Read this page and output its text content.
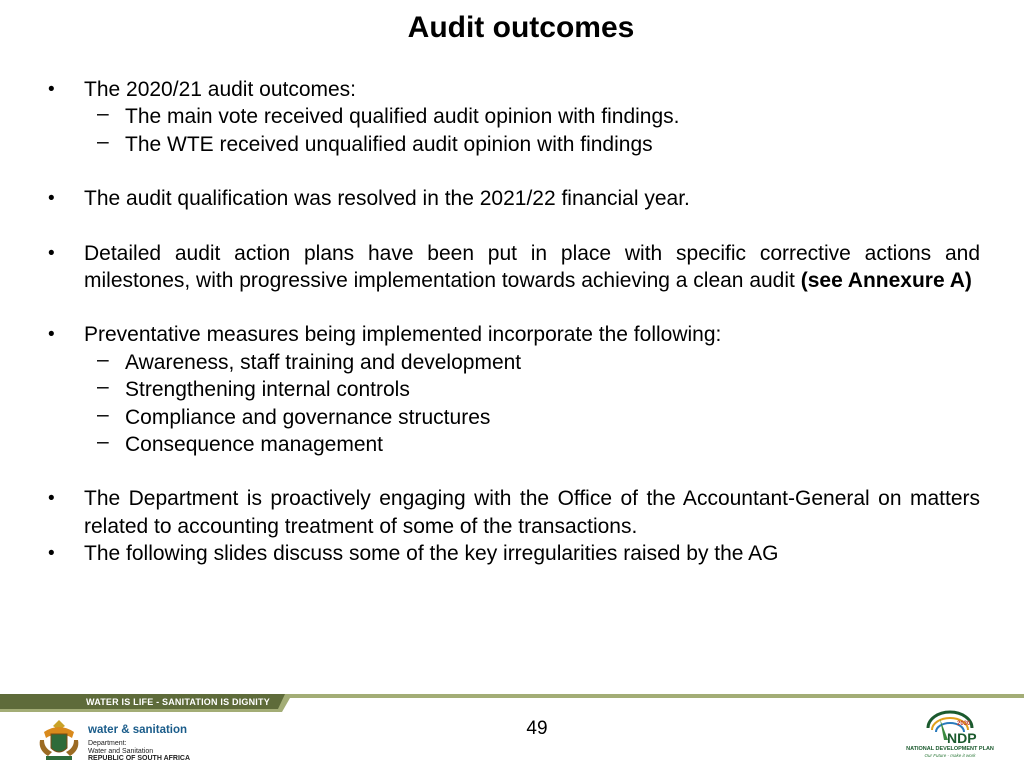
Audit outcomes
• The 2020/21 audit outcomes:
– The main vote received qualified audit opinion with findings.
– The WTE received unqualified audit opinion with findings
• The audit qualification was resolved in the 2021/22 financial year.
• Detailed audit action plans have been put in place with specific corrective actions and milestones, with progressive implementation towards achieving a clean audit (see Annexure A)
• Preventative measures being implemented incorporate the following:
– Awareness, staff training and development
– Strengthening internal controls
– Compliance and governance structures
– Consequence management
• The Department is proactively engaging with the Office of the Accountant-General on matters related to accounting treatment of some of the transactions.
• The following slides discuss some of the key irregularities raised by the AG
WATER IS LIFE - SANITATION IS DIGNITY
49
water & sanitation
Department:
Water and Sanitation
REPUBLIC OF SOUTH AFRICA
2030
NDP
NATIONAL DEVELOPMENT PLAN
Our Future - make it work
